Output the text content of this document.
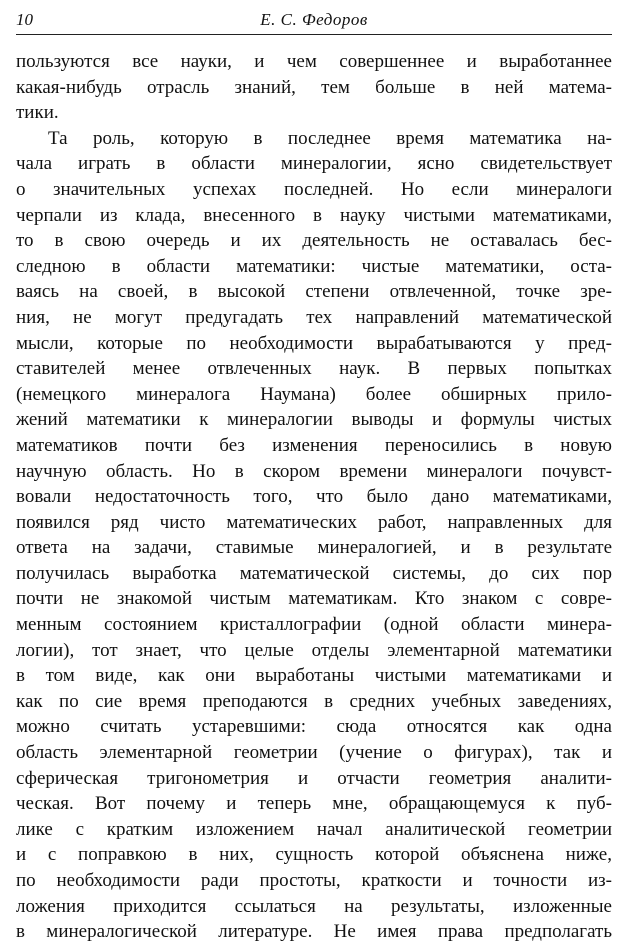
10	Е. С. Федоров
пользуются все науки, и чем совершеннее и выработаннее
какая-нибудь отрасль знаний, тем больше в ней матема-
тики.
Та роль, которую в последнее время математика на-
чала играть в области минералогии, ясно свидетельствует
о значительных успехах последней. Но если минералоги
черпали из клада, внесенного в науку чистыми математиками,
то в свою очередь и их деятельность не оставалась бес-
следною в области математики: чистые математики, оста-
ваясь на своей, в высокой степени отвлеченной, точке зре-
ния, не могут предугадать тех направлений математической
мысли, которые по необходимости вырабатываются у пред-
ставителей менее отвлеченных наук. В первых попытках
(немецкого минералога Наумана) более обширных прило-
жений математики к минералогии выводы и формулы чистых
математиков почти без изменения переносились в новую
научную область. Но в скором времени минералоги почувст-
вовали недостаточность того, что было дано математиками,
появился ряд чисто математических работ, направленных для
ответа на задачи, ставимые минералогией, и в результате
получилась выработка математической системы, до сих пор
почти не знакомой чистым математикам. Кто знаком с совре-
менным состоянием кристаллографии (одной области минера-
логии), тот знает, что целые отделы элементарной математики
в том виде, как они выработаны чистыми математиками и
как по сие время преподаются в средних учебных заведениях,
можно считать устаревшими: сюда относятся как одна
область элементарной геометрии (учение о фигурах), так и
сферическая тригонометрия и отчасти геометрия аналити-
ческая. Вот почему и теперь мне, обращающемуся к пуб-
лике с кратким изложением начал аналитической геометрии
и с поправкою в них, сущность которой объяснена ниже,
по необходимости ради простоты, краткости и точности из-
ложения приходится ссылаться на результаты, изложенные
в минералогической литературе. Не имея права предполагать
